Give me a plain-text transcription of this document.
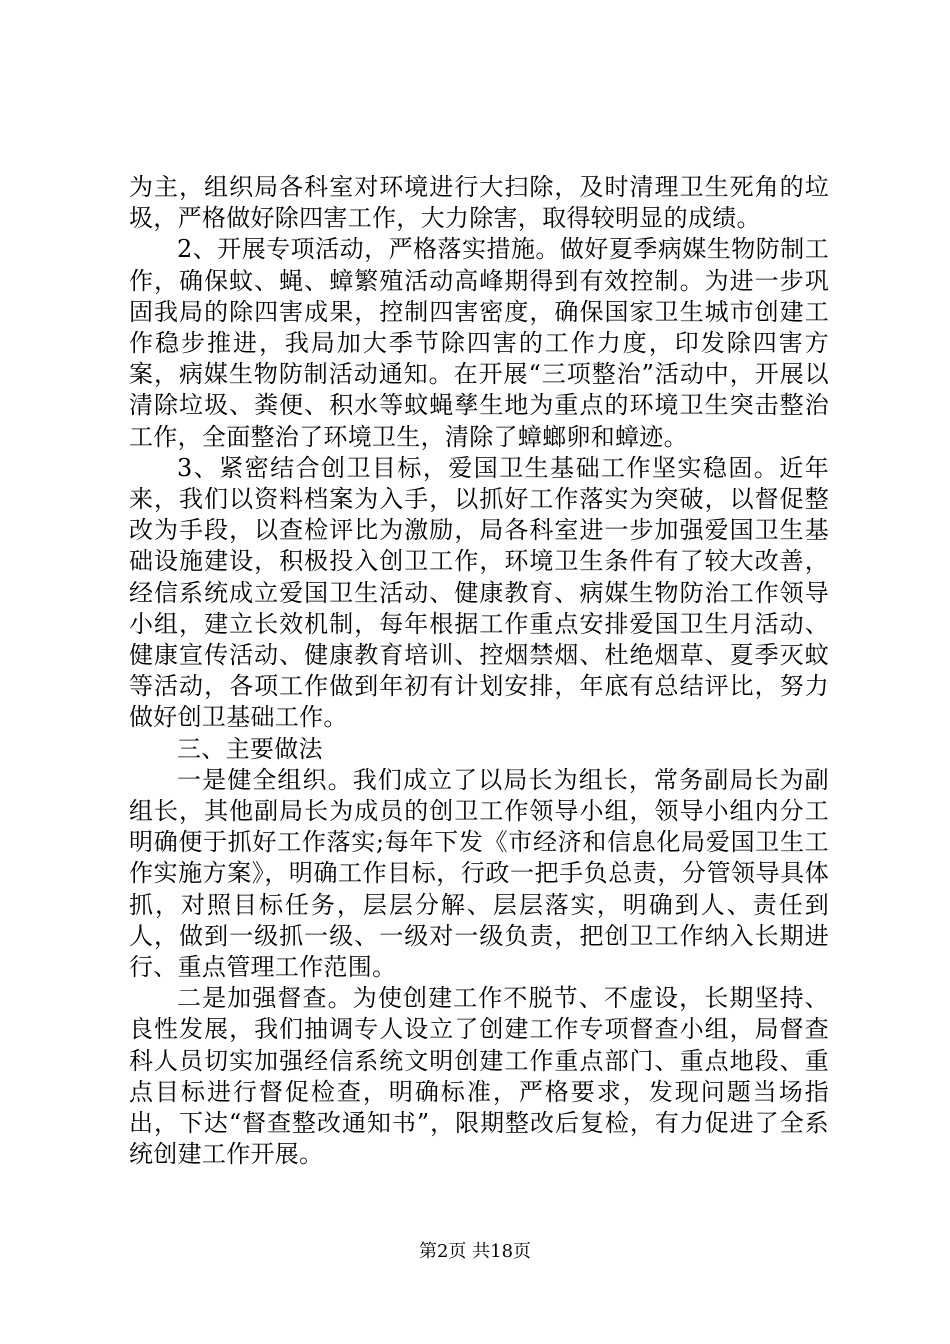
为主，组织局各科室对环境进行大扫除，及时清理卫生死角的垃圾，严格做好除四害工作，大力除害，取得较明显的成绩。

2、开展专项活动，严格落实措施。做好夏季病媒生物防制工作，确保蚊、蝇、蟑繁殖活动高峰期得到有效控制。为进一步巩固我局的除四害成果，控制四害密度，确保国家卫生城市创建工作稳步推进，我局加大季节除四害的工作力度，印发除四害方案，病媒生物防制活动通知。在开展“三项整治”活动中，开展以清除垃圾、粪便、积水等蚊蝇孳生地为重点的环境卫生突击整治工作，全面整治了环境卫生，清除了蟑螂卵和蟑迹。

3、紧密结合创卫目标，爱国卫生基础工作坚实稳固。近年来，我们以资料档案为入手，以抓好工作落实为突破，以督促整改为手段，以查检评比为激励，局各科室进一步加强爱国卫生基础设施建设，积极投入创卫工作，环境卫生条件有了较大改善，经信系统成立爱国卫生活动、健康教育、病媒生物防治工作领导小组，建立长效机制，每年根据工作重点安排爱国卫生月活动、健康宣传活动、健康教育培训、控烟禁烟、杜绝烟草、夏季灭蚊等活动，各项工作做到年初有计划安排，年底有总结评比，努力做好创卫基础工作。

三、主要做法

一是健全组织。我们成立了以局长为组长，常务副局长为副组长，其他副局长为成员的创卫工作领导小组，领导小组内分工明确便于抓好工作落实;每年下发《市经济和信息化局爱国卫生工作实施方案》，明确工作目标，行政一把手负总责，分管领导具体抓，对照目标任务，层层分解、层层落实，明确到人、责任到人，做到一级抓一级、一级对一级负责，把创卫工作纳入长期进行、重点管理工作范围。

二是加强督查。为使创建工作不脱节、不虚设，长期坚持、良性发展，我们抽调专人设立了创建工作专项督查小组，局督查科人员切实加强经信系统文明创建工作重点部门、重点地段、重点目标进行督促检查，明确标准，严格要求，发现问题当场指出，下达“督查整改通知书”，限期整改后复检，有力促进了全系统创建工作开展。

第2页 共18页
